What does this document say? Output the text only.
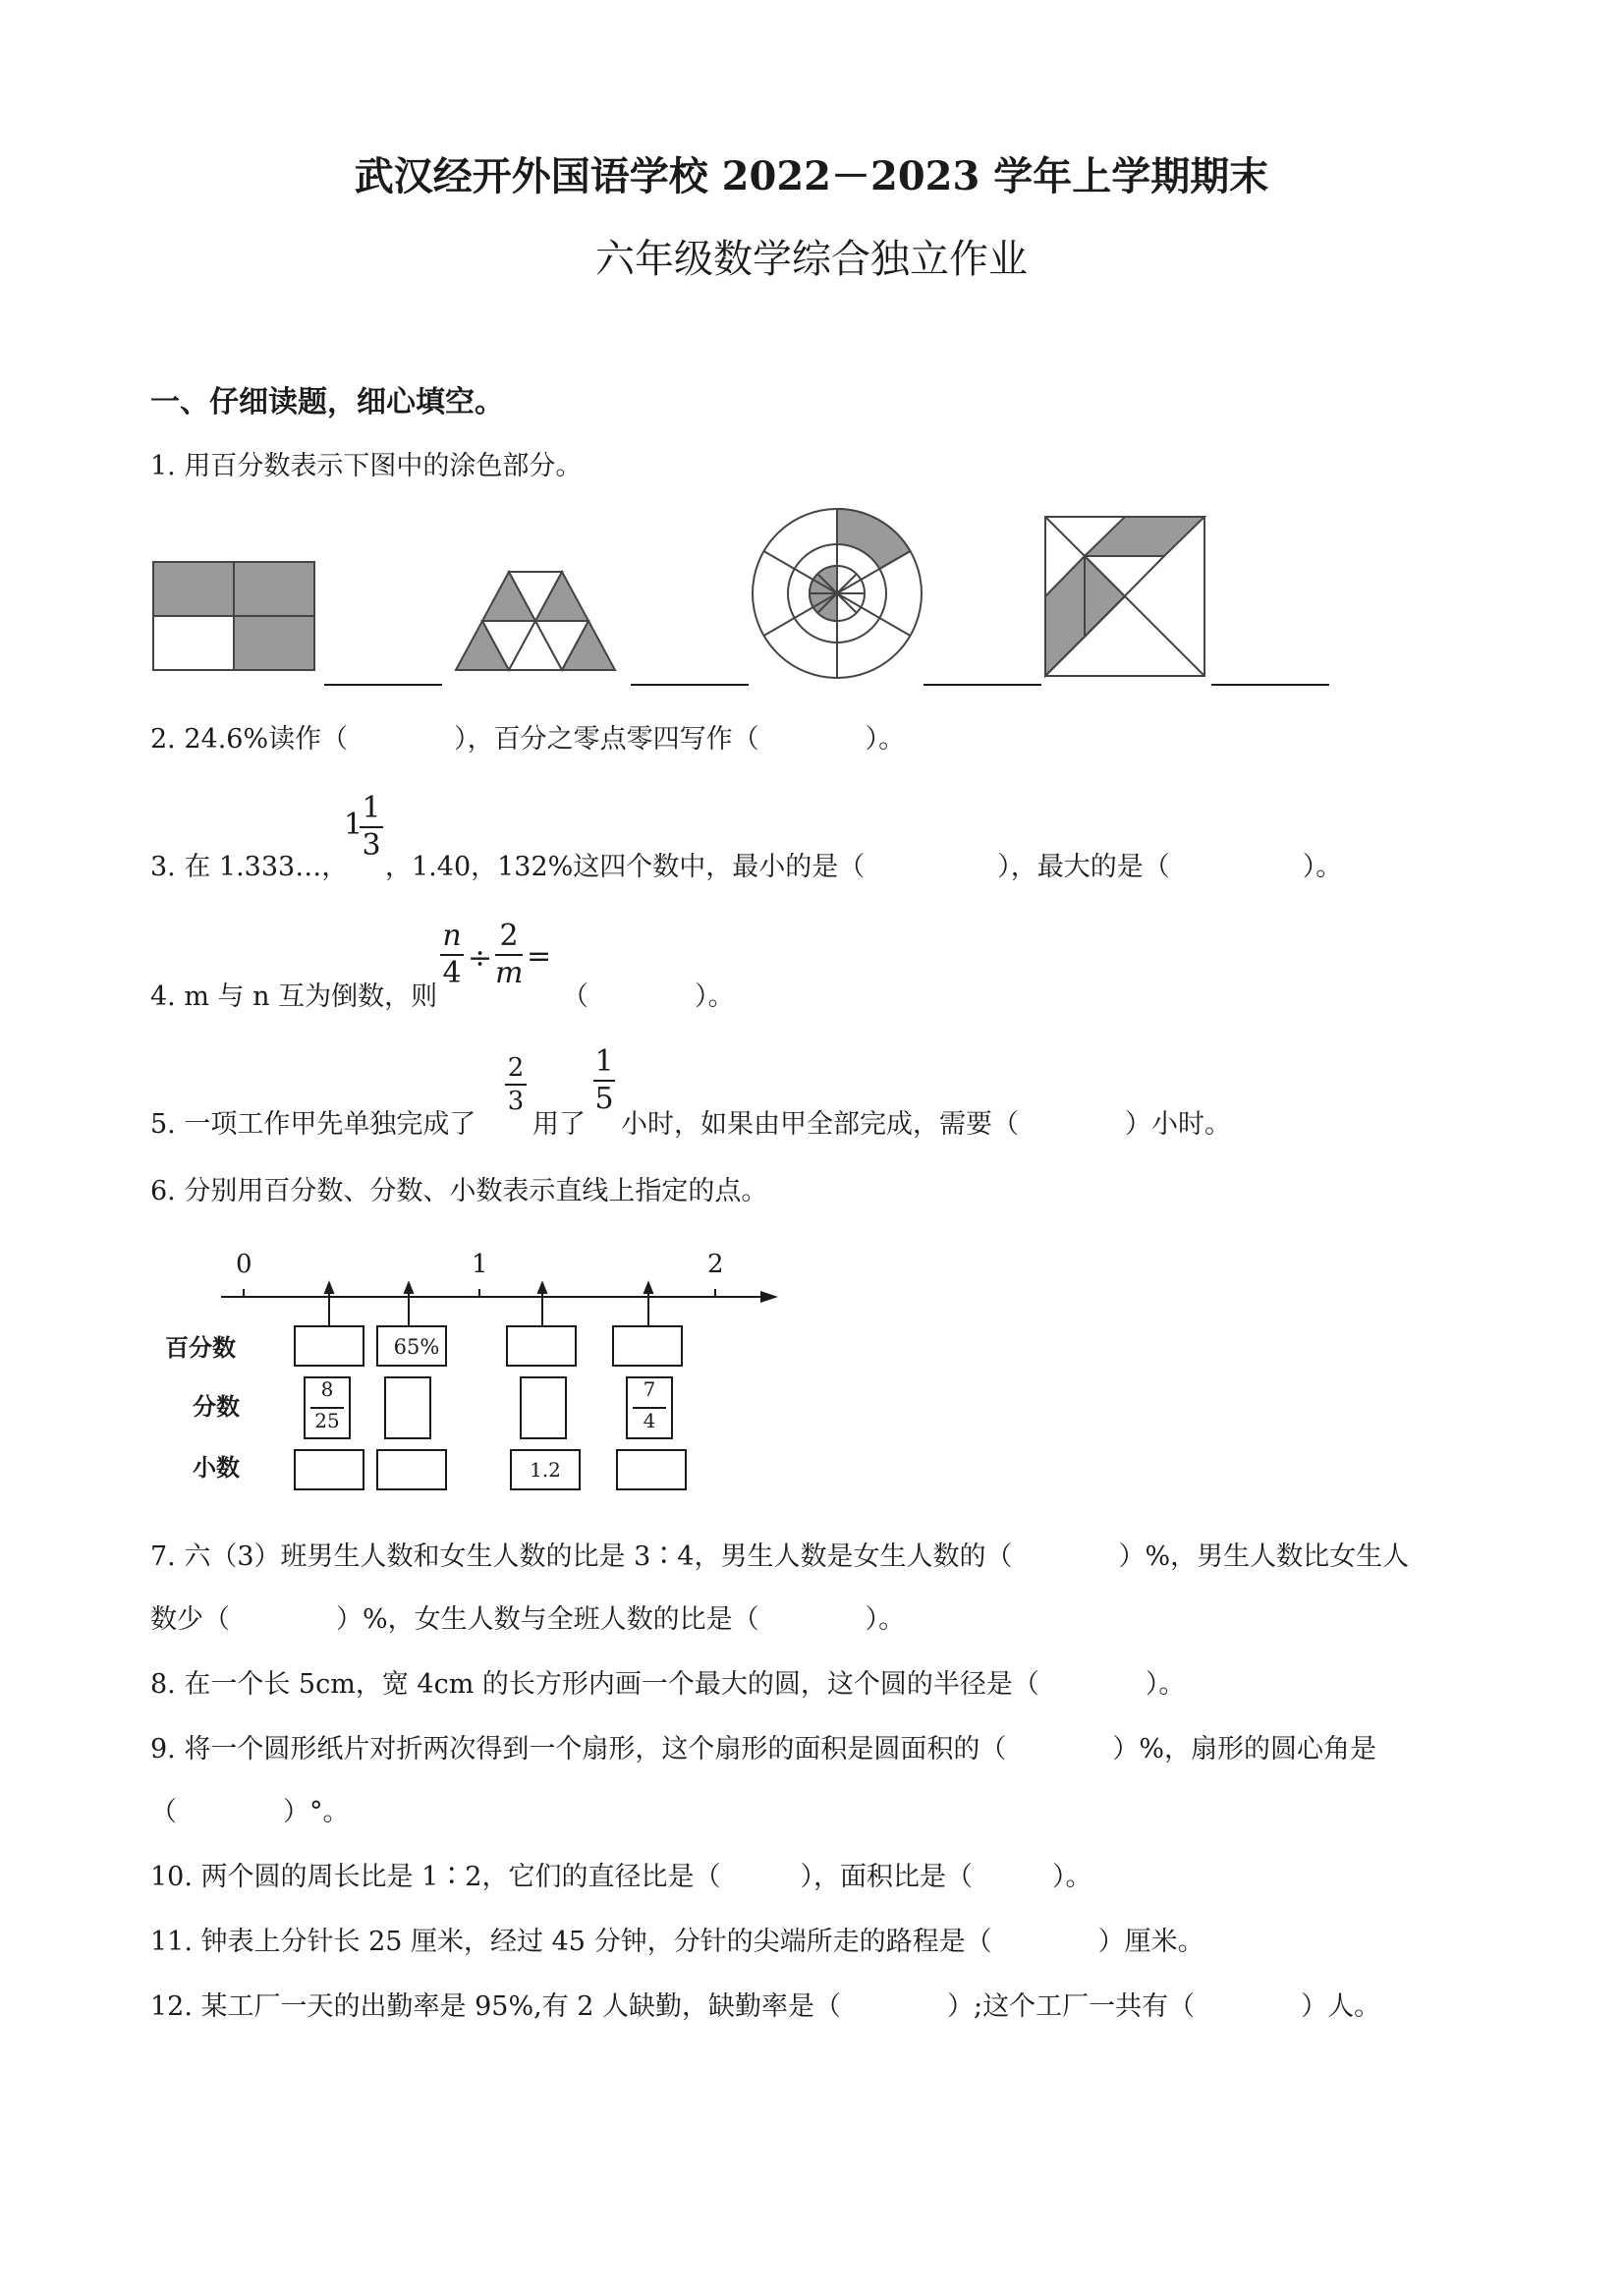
武汉经开外国语学校 2022－2023 学年上学期期末
六年级数学综合独立作业
一、仔细读题，细心填空。
1. 用百分数表示下图中的涂色部分。
2. 24.6%读作（　　　　），百分之零点零四写作（　　　　）。
3. 在 1.333…，
1 1
3
，1.40，132%这四个数中，最小的是（　　　　　），最大的是（　　　　　）。
4. m 与 n 互为倒数，则
n
4 ÷
2
m =
（　　　　）。
5. 一项工作甲先单独完成了
2
3
用了
1
5
小时，如果由甲全部完成，需要（　　　　）小时。
6. 分别用百分数、分数、小数表示直线上指定的点。
0	1	2
百分数
分数
小数
65%
8
25
7
4
1.2
7. 六（3）班男生人数和女生人数的比是 3∶4，男生人数是女生人数的（　　　　）%，男生人数比女生人
数少（　　　　）%，女生人数与全班人数的比是（　　　　）。
8. 在一个长 5cm，宽 4cm 的长方形内画一个最大的圆，这个圆的半径是（　　　　）。
9. 将一个圆形纸片对折两次得到一个扇形，这个扇形的面积是圆面积的（　　　　）%，扇形的圆心角是
（　　　　）°。
10. 两个圆的周长比是 1∶2，它们的直径比是（　　　），面积比是（　　　）。
11. 钟表上分针长 25 厘米，经过 45 分钟，分针的尖端所走的路程是（　　　　）厘米。
12. 某工厂一天的出勤率是 95%,有 2 人缺勤，缺勤率是（　　　　）;这个工厂一共有（　　　　）人。
